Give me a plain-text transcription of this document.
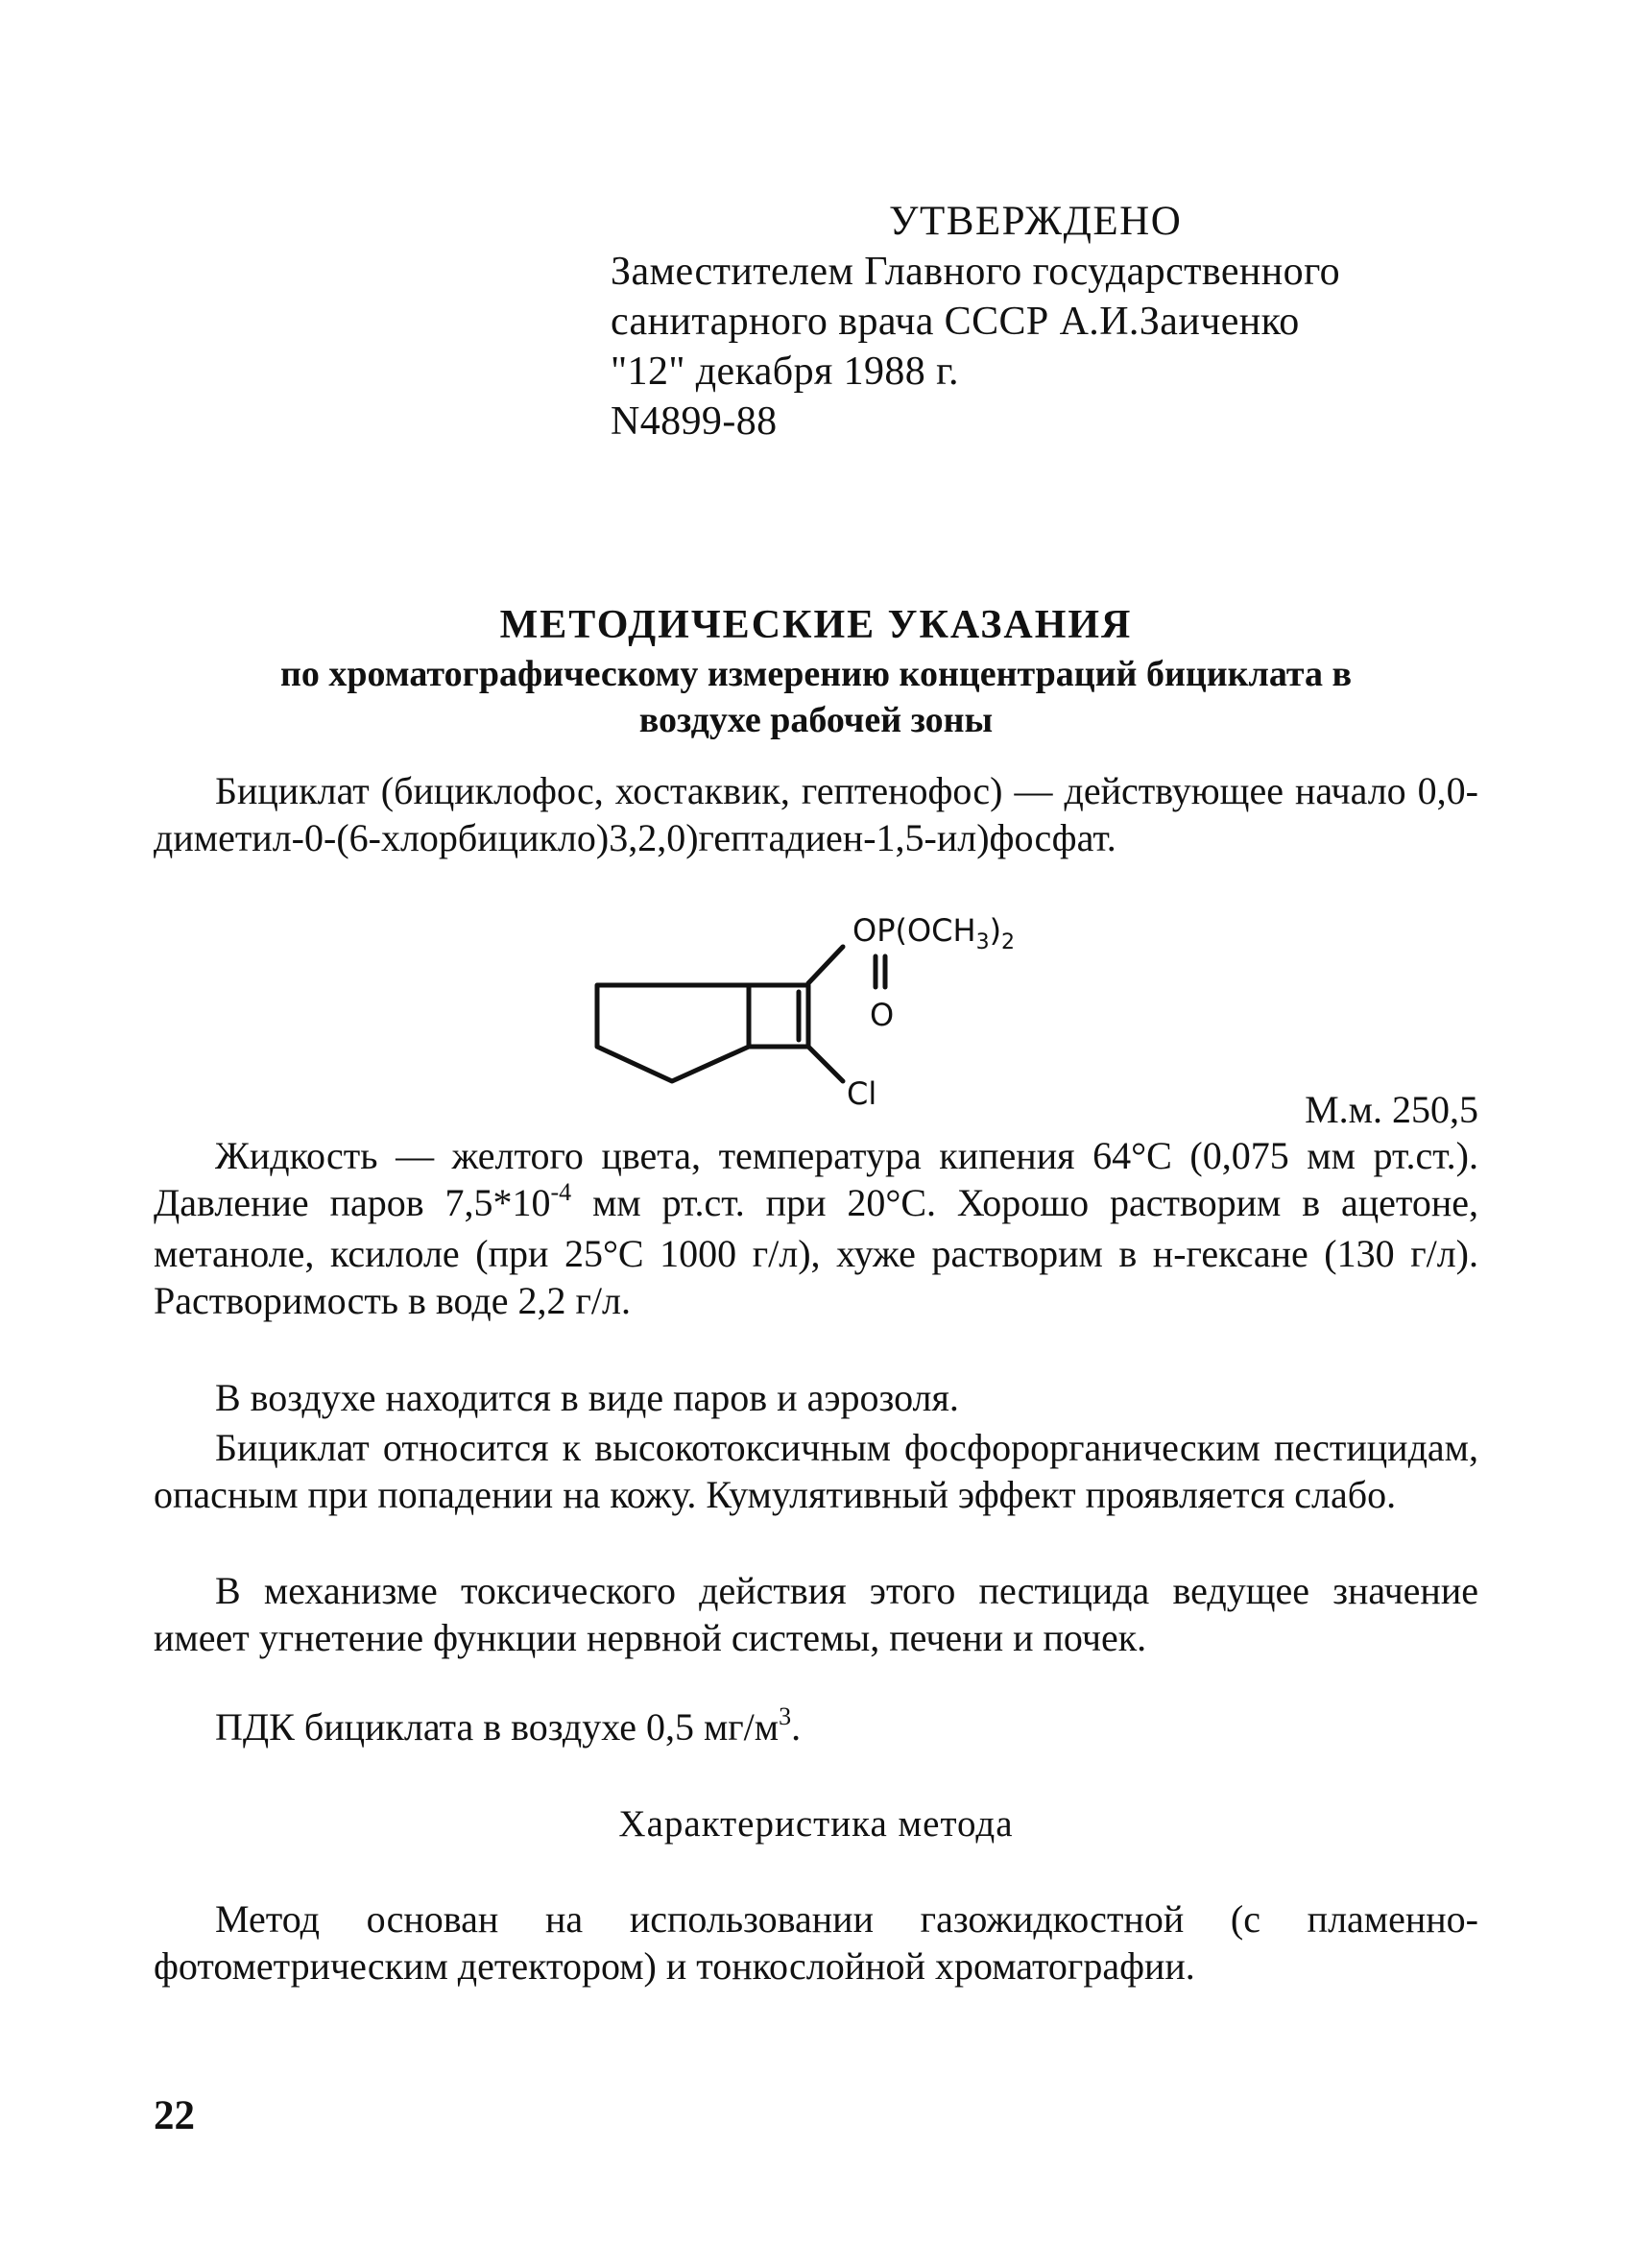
УТВЕРЖДЕНО
Заместителем Главного государственного
санитарного врача СССР А.И.Заиченко
"12" декабря 1988 г.
N4899-88
МЕТОДИЧЕСКИЕ УКАЗАНИЯ
по хроматографическому измерению концентраций бициклата в
воздухе рабочей зоны

Бициклат (бициклофос, хостаквик, гептенофос) — действующее начало 0,0-диметил-0-(6-хлорбицикло)3,2,0)гептадиен-1,5-ил)фосфат.

$OP(OCH_3)_2$
O
Cl	М.м. 250,5

Жидкость — желтого цвета, температура кипения 64°С (0,075 мм рт.ст.). Давление паров $7,5*10^{-4}$ мм рт.ст. при 20°С. Хорошо растворим в ацетоне, метаноле, ксилоле (при 25°С 1000 г/л), хуже растворим в н-гексане (130 г/л). Растворимость в воде 2,2 г/л.

В воздухе находится в виде паров и аэрозоля.

Бициклат относится к высокотоксичным фосфорорганическим пестицидам, опасным при попадении на кожу. Кумулятивный эффект проявляется слабо.

В механизме токсического действия этого пестицида ведущее значение имеет угнетение функции нервной системы, печени и почек.

ПДК бициклата в воздухе 0,5 $мг/м^3$.

Характеристика метода

Метод основан на использовании газожидкостной (с пламенно-фотометрическим детектором) и тонкослойной хроматографии.

22
